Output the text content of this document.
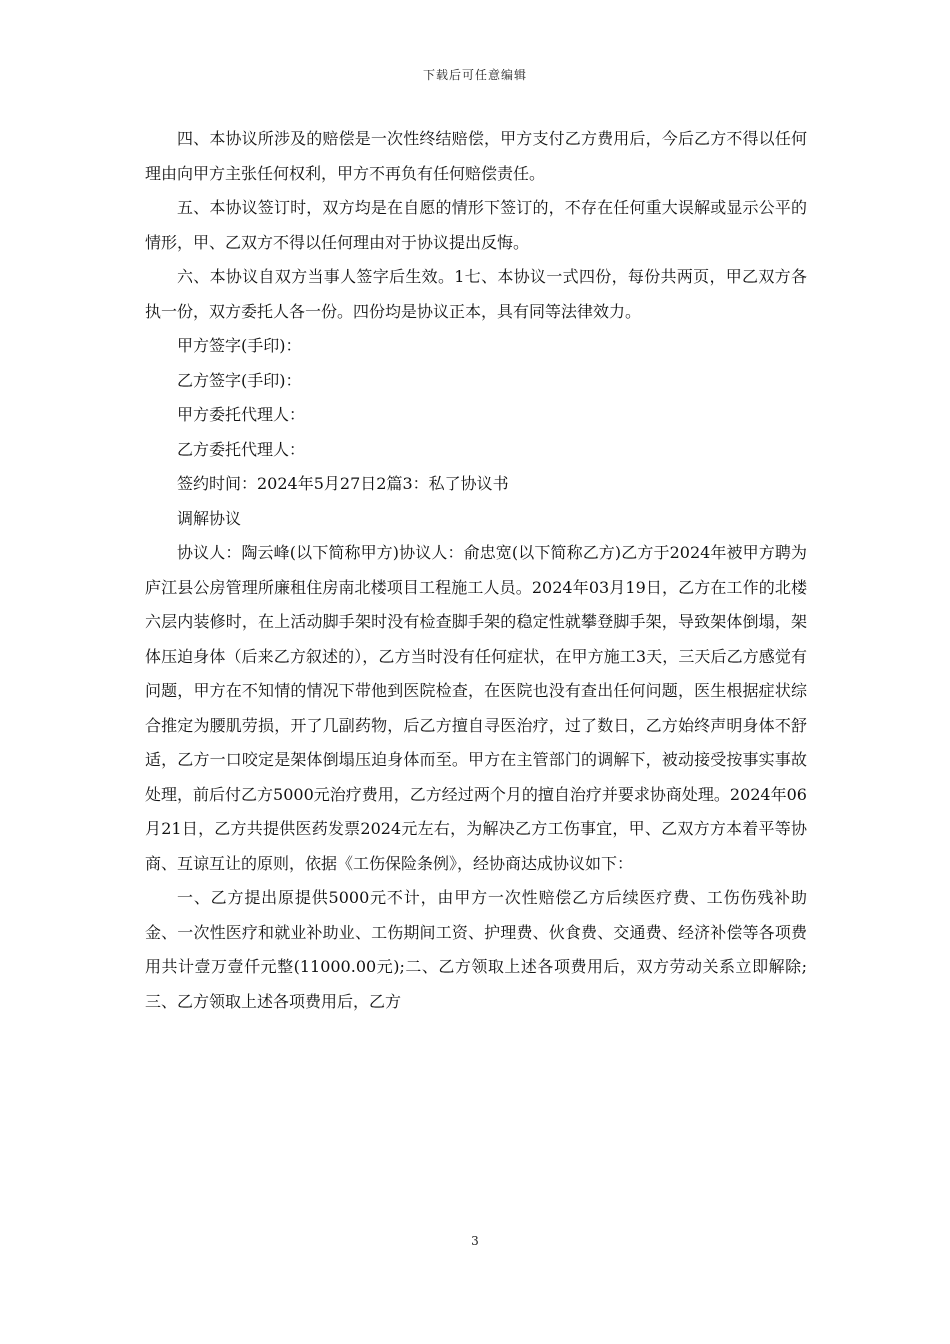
下载后可任意编辑

四、本协议所涉及的赔偿是一次性终结赔偿，甲方支付乙方费用后，今后乙方不得以任何理由向甲方主张任何权利，甲方不再负有任何赔偿责任。

五、本协议签订时，双方均是在自愿的情形下签订的，不存在任何重大误解或显示公平的情形，甲、乙双方不得以任何理由对于协议提出反悔。

六、本协议自双方当事人签字后生效。1七、本协议一式四份，每份共两页，甲乙双方各执一份，双方委托人各一份。四份均是协议正本，具有同等法律效力。

甲方签字(手印)：

乙方签字(手印)：

甲方委托代理人：

乙方委托代理人：

签约时间：2024年5月27日2篇3：私了协议书

调解协议

协议人：陶云峰(以下简称甲方)协议人：俞忠宽(以下简称乙方)乙方于2024年被甲方聘为庐江县公房管理所廉租住房南北楼项目工程施工人员。2024年03月19日，乙方在工作的北楼六层内装修时，在上活动脚手架时没有检查脚手架的稳定性就攀登脚手架，导致架体倒塌，架体压迫身体（后来乙方叙述的），乙方当时没有任何症状，在甲方施工3天，三天后乙方感觉有问题，甲方在不知情的情况下带他到医院检查，在医院也没有查出任何问题，医生根据症状综合推定为腰肌劳损，开了几副药物，后乙方擅自寻医治疗，过了数日，乙方始终声明身体不舒适，乙方一口咬定是架体倒塌压迫身体而至。甲方在主管部门的调解下，被动接受按事实事故处理，前后付乙方5000元治疗费用，乙方经过两个月的擅自治疗并要求协商处理。2024年06月21日，乙方共提供医药发票2024元左右，为解决乙方工伤事宜，甲、乙双方方本着平等协商、互谅互让的原则，依据《工伤保险条例》，经协商达成协议如下：

一、乙方提出原提供5000元不计，由甲方一次性赔偿乙方后续医疗费、工伤伤残补助金、一次性医疗和就业补助业、工伤期间工资、护理费、伙食费、交通费、经济补偿等各项费用共计壹万壹仟元整(11000.00元);二、乙方领取上述各项费用后，双方劳动关系立即解除;三、乙方领取上述各项费用后，乙方

3
